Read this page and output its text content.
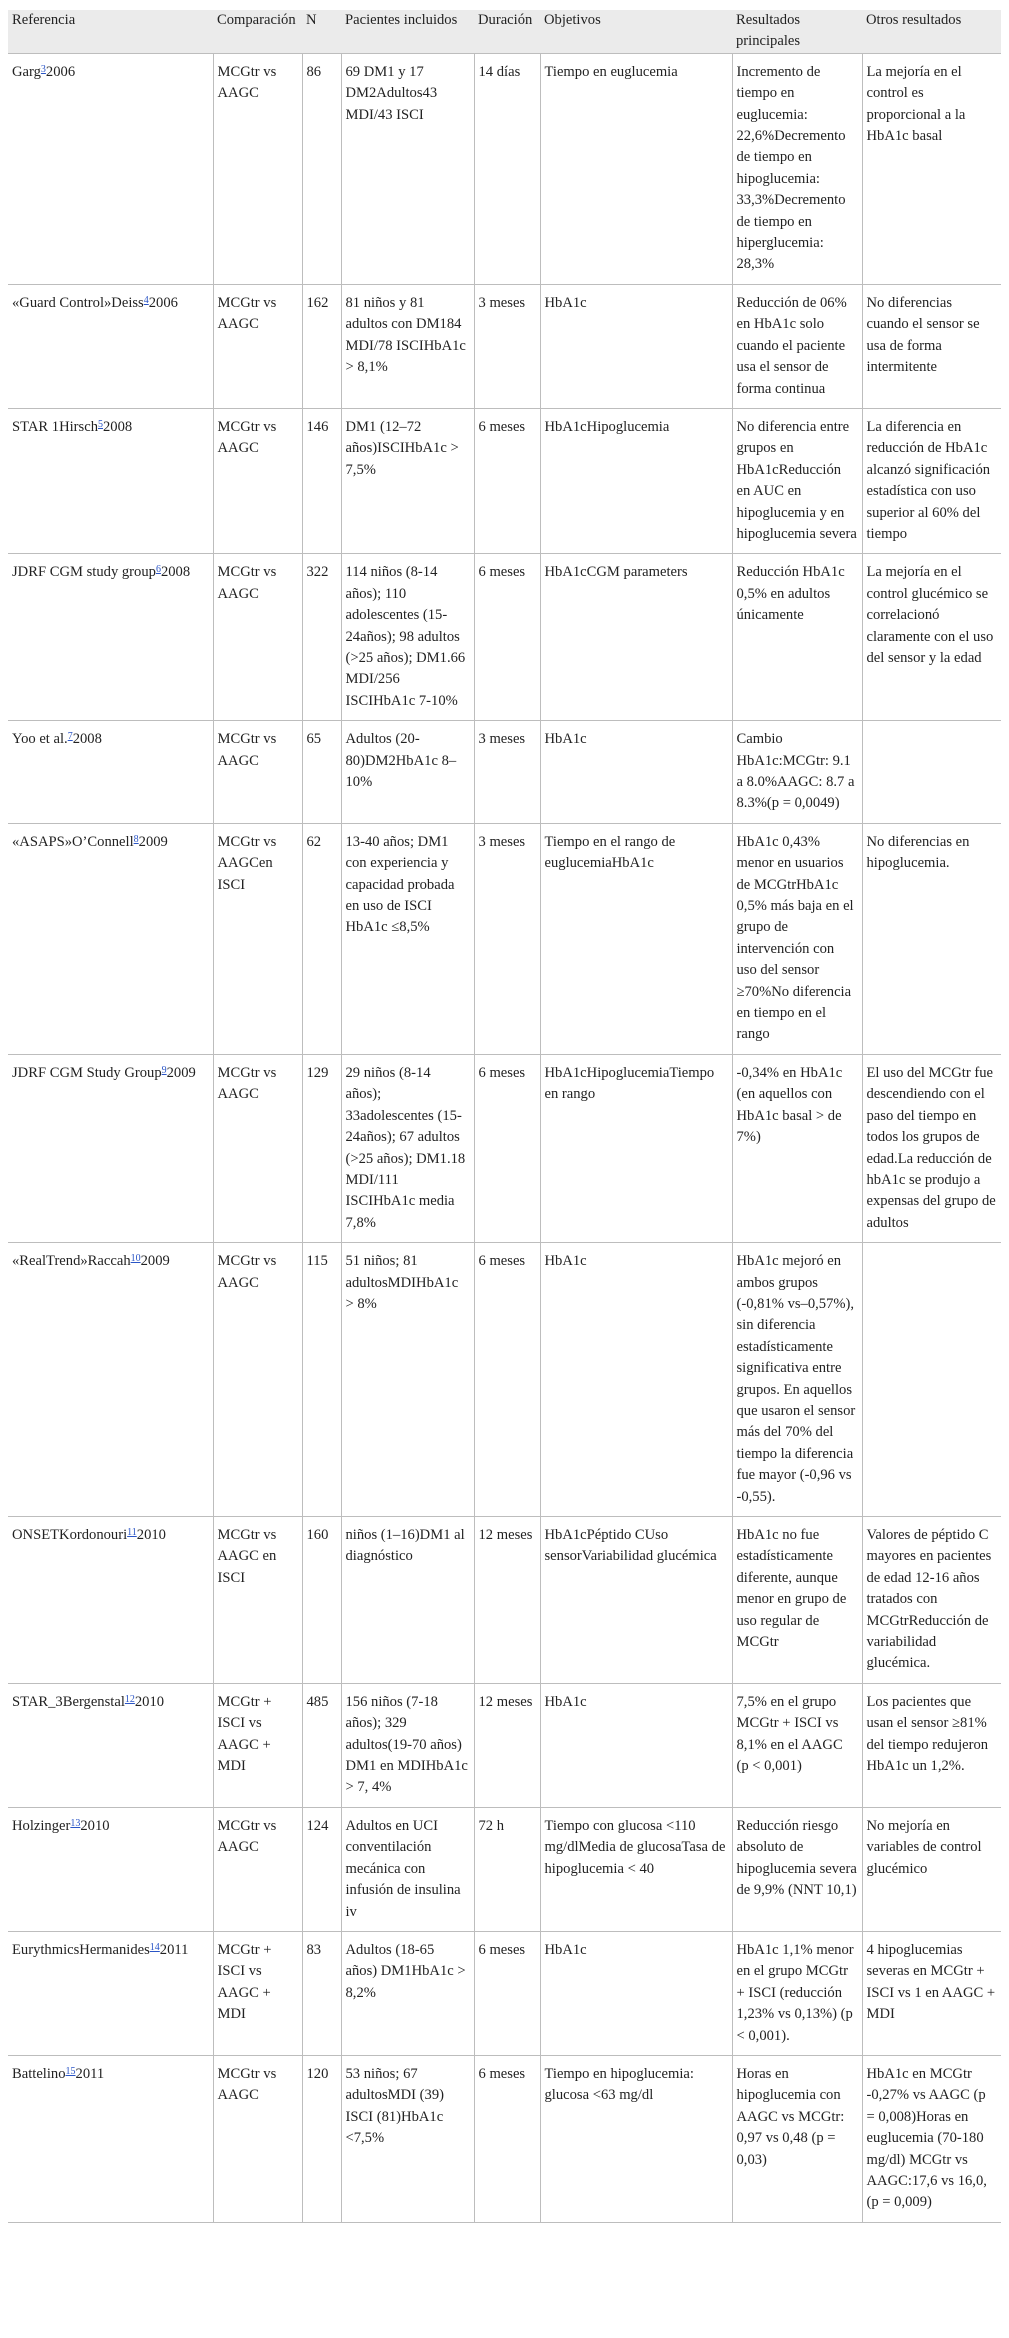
Referencia	Comparación	N	Pacientes incluidos	Duración	Objetivos	Resultados principales	Otros resultados
Garg$^3$2006	MCGtr vs AAGC	86	69 DM1 y 17 DM2Adultos43 MDI/43 ISCI	14 días	Tiempo en euglucemia	Incremento de tiempo en euglucemia: 22,6%Decremento de tiempo en hipoglucemia: 33,3%Decremento de tiempo en hiperglucemia: 28,3%	La mejoría en el control es proporcional a la HbA1c basal
«Guard Control»Deiss$^4$2006	MCGtr vs AAGC	162	81 niños y 81 adultos con DM184 MDI/78 ISCIHbA1c > 8,1%	3 meses	HbA1c	Reducción de 06% en HbA1c solo cuando el paciente usa el sensor de forma continua	No diferencias cuando el sensor se usa de forma intermitente
STAR 1Hirsch$^5$2008	MCGtr vs AAGC	146	DM1 (12–72 años)ISCIHbA1c > 7,5%	6 meses	HbA1cHipoglucemia	No diferencia entre grupos en HbA1cReducción en AUC en hipoglucemia y en hipoglucemia severa	La diferencia en reducción de HbA1c alcanzó significación estadística con uso superior al 60% del tiempo
JDRF CGM study group$^6$2008	MCGtr vs AAGC	322	114 niños (8-14 años); 110 adolescentes (15-24años); 98 adultos (>25 años); DM1.66 MDI/256 ISCIHbA1c 7-10%	6 meses	HbA1cCGM parameters	Reducción HbA1c 0,5% en adultos únicamente	La mejoría en el control glucémico se correlacionó claramente con el uso del sensor y la edad
Yoo et al.$^7$2008	MCGtr vs AAGC	65	Adultos (20-80)DM2HbA1c 8–10%	3 meses	HbA1c	Cambio HbA1c:MCGtr: 9.1 a 8.0%AAGC: 8.7 a 8.3%(p = 0,0049)	
«ASAPS»O’Connell$^8$2009	MCGtr vs AAGCen ISCI	62	13-40 años; DM1 con experiencia y capacidad probada en uso de ISCI HbA1c ≤8,5%	3 meses	Tiempo en el rango de euglucemiaHbA1c	HbA1c 0,43% menor en usuarios de MCGtrHbA1c 0,5% más baja en el grupo de intervención con uso del sensor ≥70%No diferencia en tiempo en el rango	No diferencias en hipoglucemia.
JDRF CGM Study Group$^9$2009	MCGtr vs AAGC	129	29 niños (8-14 años); 33adolescentes (15-24años); 67 adultos (>25 años); DM1.18 MDI/111 ISCIHbA1c media 7,8%	6 meses	HbA1cHipoglucemiaTiempo en rango	-0,34% en HbA1c (en aquellos con HbA1c basal > de 7%)	El uso del MCGtr fue descendiendo con el paso del tiempo en todos los grupos de edad.La reducción de hbA1c se produjo a expensas del grupo de adultos
«RealTrend»Raccah$^{10}$2009	MCGtr vs AAGC	115	51 niños; 81 adultosMDIHbA1c > 8%	6 meses	HbA1c	HbA1c mejoró en ambos grupos (-0,81% vs–0,57%), sin diferencia estadísticamente significativa entre grupos. En aquellos que usaron el sensor más del 70% del tiempo la diferencia fue mayor (-0,96 vs -0,55).	
ONSETKordonouri$^{11}$2010	MCGtr vs AAGC en ISCI	160	niños (1–16)DM1 al diagnóstico	12 meses	HbA1cPéptido CUso sensorVariabilidad glucémica	HbA1c no fue estadísticamente diferente, aunque menor en grupo de uso regular de MCGtr	Valores de péptido C mayores en pacientes de edad 12-16 años tratados con MCGtrReducción de variabilidad glucémica.
STAR_3Bergenstal$^{12}$2010	MCGtr + ISCI vs AAGC + MDI	485	156 niños (7-18 años); 329 adultos(19-70 años) DM1 en MDIHbA1c > 7, 4%	12 meses	HbA1c	7,5% en el grupo MCGtr + ISCI vs 8,1% en el AAGC (p < 0,001)	Los pacientes que usan el sensor ≥81% del tiempo redujeron HbA1c un 1,2%.
Holzinger$^{13}$2010	MCGtr vs AAGC	124	Adultos en UCI conventilación mecánica con infusión de insulina iv	72 h	Tiempo con glucosa <110 mg/dlMedia de glucosaTasa de hipoglucemia < 40	Reducción riesgo absoluto de hipoglucemia severa de 9,9% (NNT 10,1)	No mejoría en variables de control glucémico
EurythmicsHermanides$^{14}$2011	MCGtr + ISCI vs AAGC + MDI	83	Adultos (18-65 años) DM1HbA1c > 8,2%	6 meses	HbA1c	HbA1c 1,1% menor en el grupo MCGtr + ISCI (reducción 1,23% vs 0,13%) (p < 0,001).	4 hipoglucemias severas en MCGtr + ISCI vs 1 en AAGC + MDI
Battelino$^{15}$2011	MCGtr vs AAGC	120	53 niños; 67 adultosMDI (39) ISCI (81)HbA1c <7,5%	6 meses	Tiempo en hipoglucemia: glucosa <63 mg/dl	Horas en hipoglucemia con AAGC vs MCGtr: 0,97 vs 0,48 (p = 0,03)	HbA1c en MCGtr -0,27% vs AAGC (p = 0,008)Horas en euglucemia (70-180 mg/dl) MCGtr vs AAGC:17,6 vs 16,0, (p = 0,009)
